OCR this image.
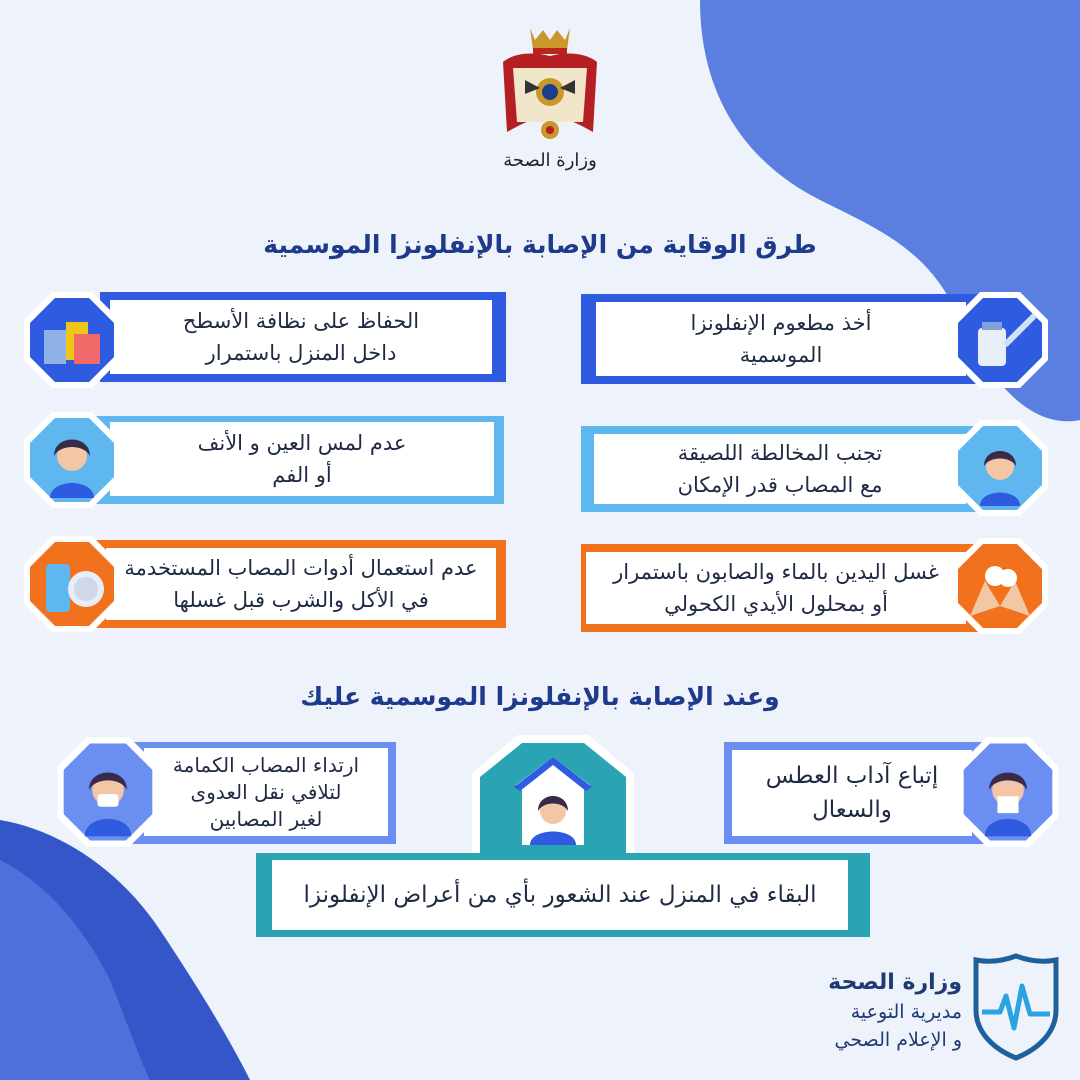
وزارة الصحة
طرق الوقاية من الإصابة بالإنفلونزا الموسمية
أخذ مطعوم الإنفلونزا
الموسمية
الحفاظ على نظافة الأسطح
داخل المنزل باستمرار
تجنب المخالطة اللصيقة
مع المصاب قدر الإمكان
عدم لمس العين و الأنف
أو الفم
غسل اليدين بالماء والصابون باستمرار
أو بمحلول الأيدي الكحولي
عدم استعمال أدوات المصاب المستخدمة
في الأكل والشرب قبل غسلها
وعند الإصابة بالإنفلونزا الموسمية عليك
إتباع آداب العطس
والسعال
ارتداء المصاب الكمامة
لتلافي نقل العدوى
لغير المصابين
البقاء في المنزل عند الشعور بأي من أعراض الإنفلونزا
وزارة الصحة
مديرية التوعية
و الإعلام الصحي
